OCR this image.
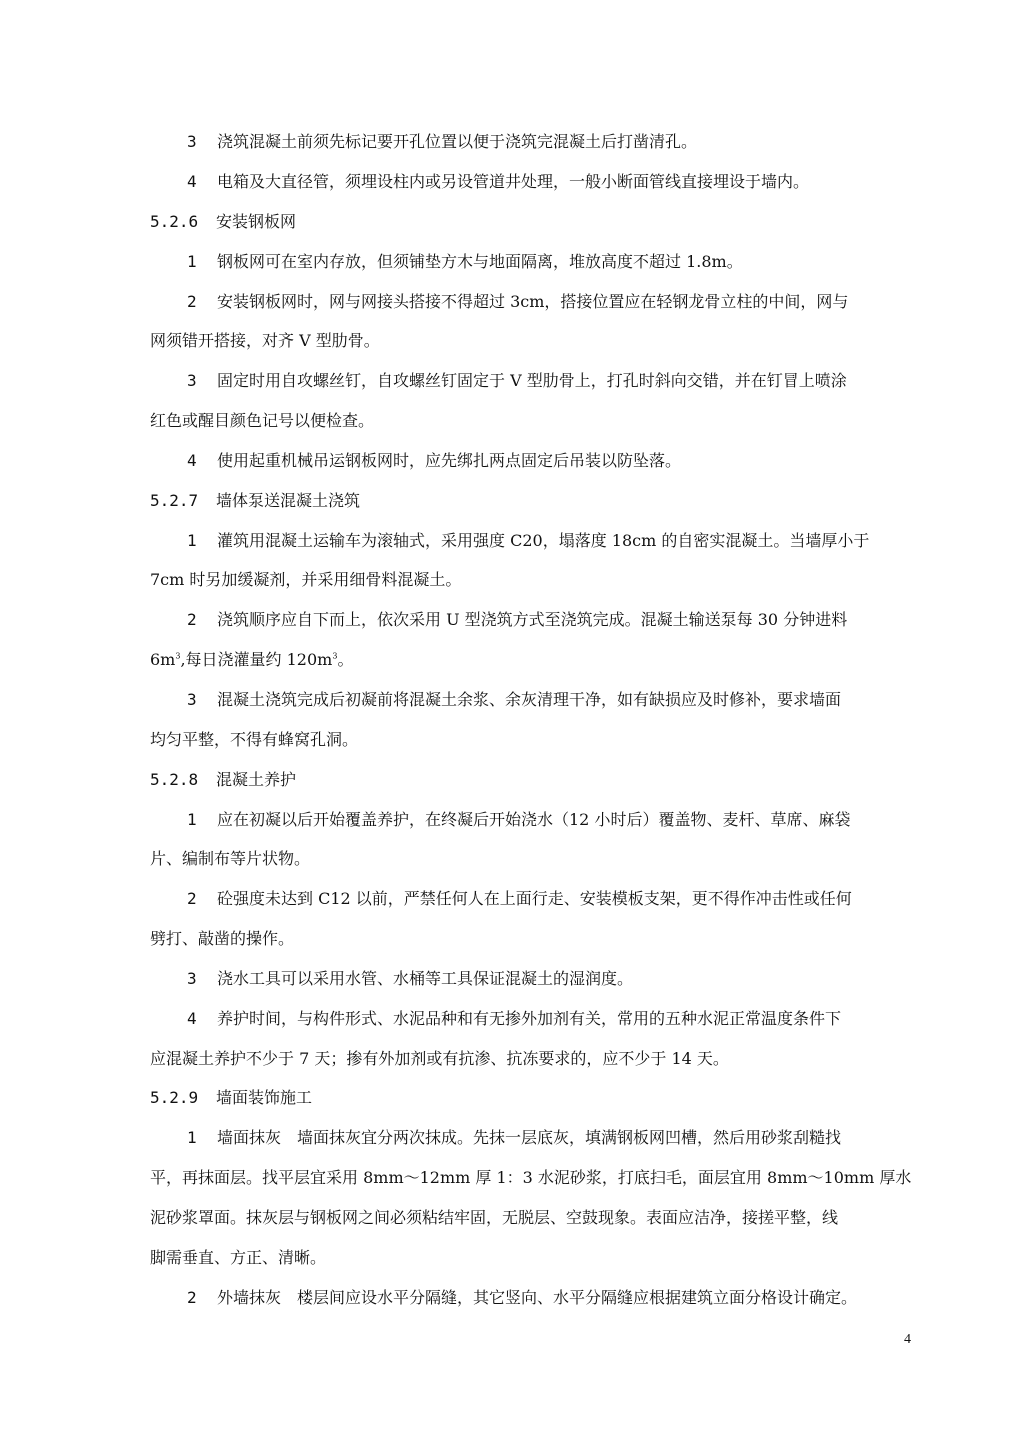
3 浇筑混凝土前须先标记要开孔位置以便于浇筑完混凝土后打凿清孔。
4 电箱及大直径管，须埋设柱内或另设管道井处理，一般小断面管线直接埋设于墙内。
5.2.6 安装钢板网
1 钢板网可在室内存放，但须铺垫方木与地面隔离，堆放高度不超过 1.8m。
2 安装钢板网时，网与网接头搭接不得超过 3cm，搭接位置应在轻钢龙骨立柱的中间，网与
网须错开搭接，对齐 V 型肋骨。
3 固定时用自攻螺丝钉，自攻螺丝钉固定于 V 型肋骨上，打孔时斜向交错，并在钉冒上喷涂
红色或醒目颜色记号以便检查。
4 使用起重机械吊运钢板网时，应先绑扎两点固定后吊装以防坠落。
5.2.7 墙体泵送混凝土浇筑
1 灌筑用混凝土运输车为滚轴式，采用强度 C20，塌落度 18cm 的自密实混凝土。当墙厚小于
7cm 时另加缓凝剂，并采用细骨料混凝土。
2 浇筑顺序应自下而上，依次采用 U 型浇筑方式至浇筑完成。混凝土输送泵每 30 分钟进料
$6m^3$,每日浇灌量约 $120m^3$。
3 混凝土浇筑完成后初凝前将混凝土余浆、余灰清理干净，如有缺损应及时修补，要求墙面
均匀平整，不得有蜂窝孔洞。
5.2.8 混凝土养护
1 应在初凝以后开始覆盖养护，在终凝后开始浇水（12 小时后）覆盖物、麦杆、草席、麻袋
片、编制布等片状物。
2 砼强度未达到 C12 以前，严禁任何人在上面行走、安装模板支架，更不得作冲击性或任何
劈打、敲凿的操作。
3 浇水工具可以采用水管、水桶等工具保证混凝土的湿润度。
4 养护时间，与构件形式、水泥品种和有无掺外加剂有关，常用的五种水泥正常温度条件下
应混凝土养护不少于 7 天；掺有外加剂或有抗渗、抗冻要求的，应不少于 14 天。
5.2.9 墙面装饰施工
1 墙面抹灰　墙面抹灰宜分两次抹成。先抹一层底灰，填满钢板网凹槽，然后用砂浆刮糙找
平，再抹面层。找平层宜采用 8mm～12mm 厚 1：3 水泥砂浆，打底扫毛，面层宜用 8mm～10mm 厚水
泥砂浆罩面。抹灰层与钢板网之间必须粘结牢固，无脱层、空鼓现象。表面应洁净，接搓平整，线
脚需垂直、方正、清晰。
2 外墙抹灰　楼层间应设水平分隔缝，其它竖向、水平分隔缝应根据建筑立面分格设计确定。
4
